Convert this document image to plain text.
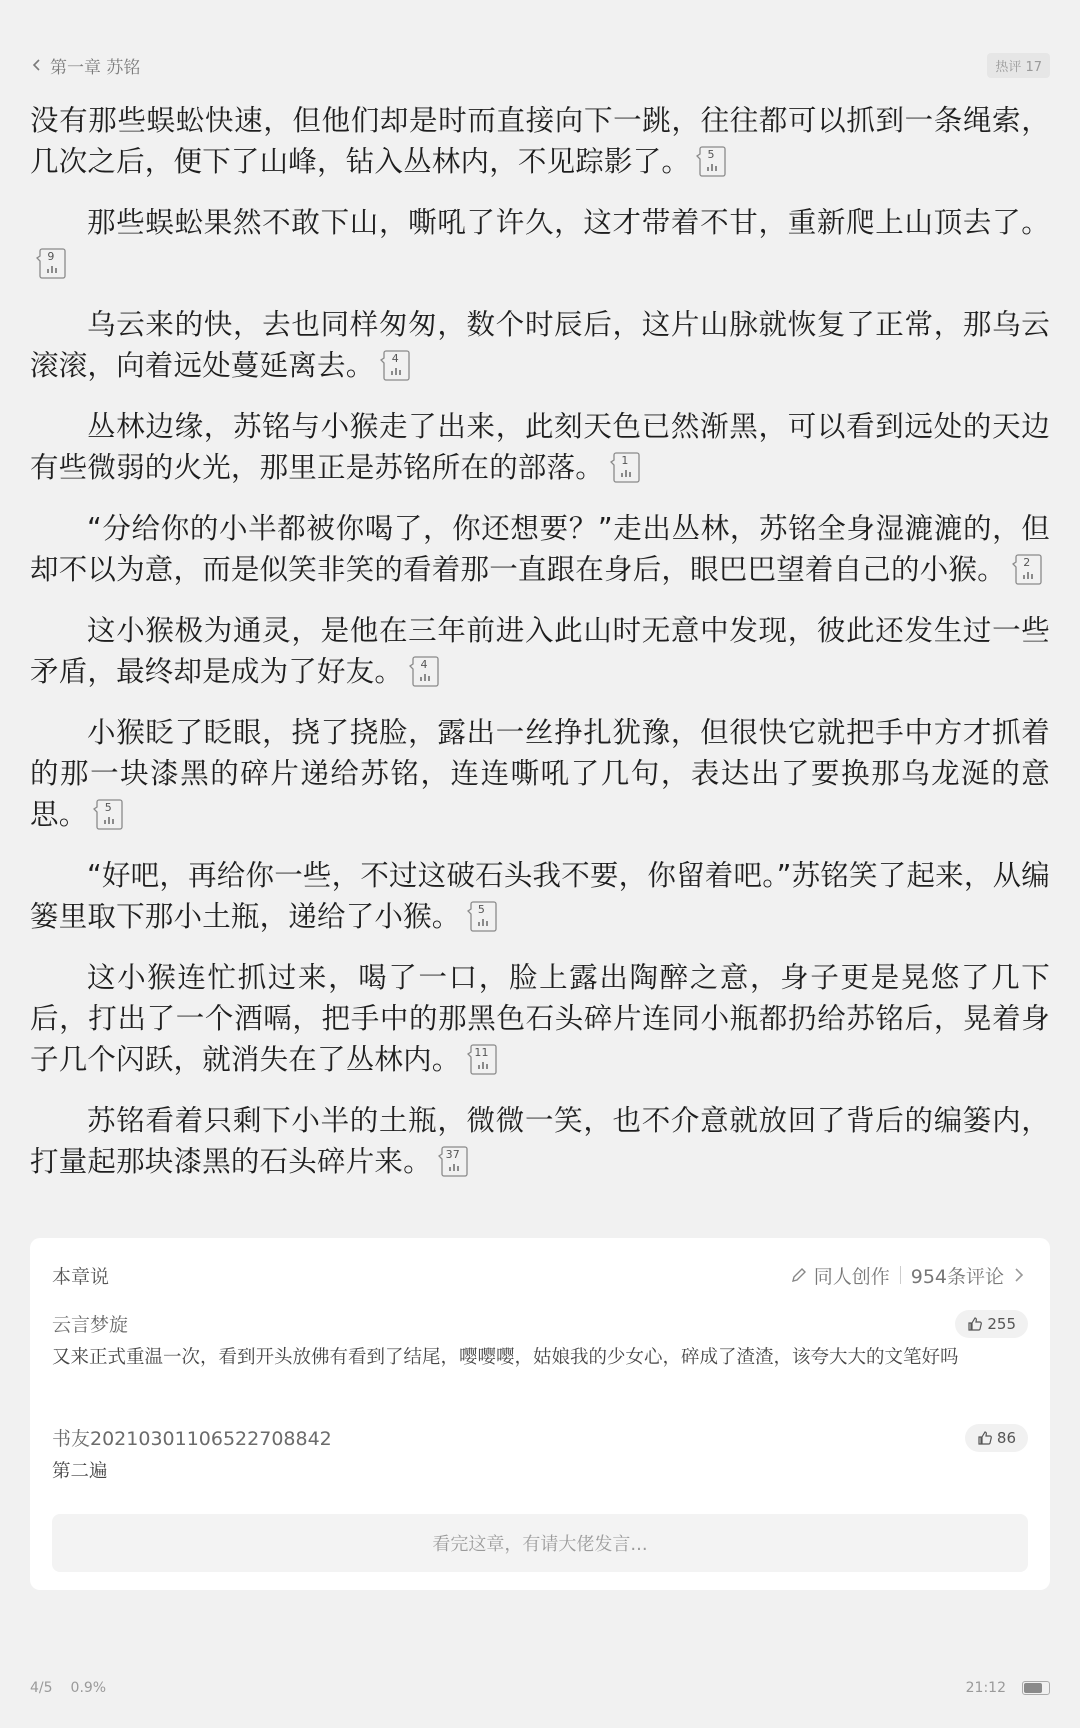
第一章 苏铭	热评 17

没有那些蜈蚣快速，但他们却是时而直接向下一跳，往往都可以抓到一条绳索，几次之后，便下了山峰，钻入丛林内，不见踪影了。	5

那些蜈蚣果然不敢下山，嘶吼了许久，这才带着不甘，重新爬上山顶去了。
9

乌云来的快，去也同样匆匆，数个时辰后，这片山脉就恢复了正常，那乌云滚滚，向着远处蔓延离去。	4

丛林边缘，苏铭与小猴走了出来，此刻天色已然渐黑，可以看到远处的天边有些微弱的火光，那里正是苏铭所在的部落。	1

“分给你的小半都被你喝了，你还想要？”走出丛林，苏铭全身湿漉漉的，但却不以为意，而是似笑非笑的看着那一直跟在身后，眼巴巴望着自己的小猴。	2

这小猴极为通灵，是他在三年前进入此山时无意中发现，彼此还发生过一些矛盾，最终却是成为了好友。	4

小猴眨了眨眼，挠了挠脸，露出一丝挣扎犹豫，但很快它就把手中方才抓着的那一块漆黑的碎片递给苏铭，连连嘶吼了几句，表达出了要换那乌龙涎的意思。	5

“好吧，再给你一些，不过这破石头我不要，你留着吧。”苏铭笑了起来，从编篓里取下那小土瓶，递给了小猴。	5

这小猴连忙抓过来，喝了一口，脸上露出陶醉之意，身子更是晃悠了几下后，打出了一个酒嗝，把手中的那黑色石头碎片连同小瓶都扔给苏铭后，晃着身子几个闪跃，就消失在了丛林内。	11

苏铭看着只剩下小半的土瓶，微微一笑，也不介意就放回了背后的编篓内，打量起那块漆黑的石头碎片来。	37

本章说	同人创作 954条评论
云言梦旋	255
又来正式重温一次，看到开头放佛有看到了结尾，嘤嘤嘤，姑娘我的少女心，碎成了渣渣，该夸大大的文笔好吗
书友20210301106522708842	86
第二遍
看完这章，有请大佬发言...
4/5 0.9%	21:12
